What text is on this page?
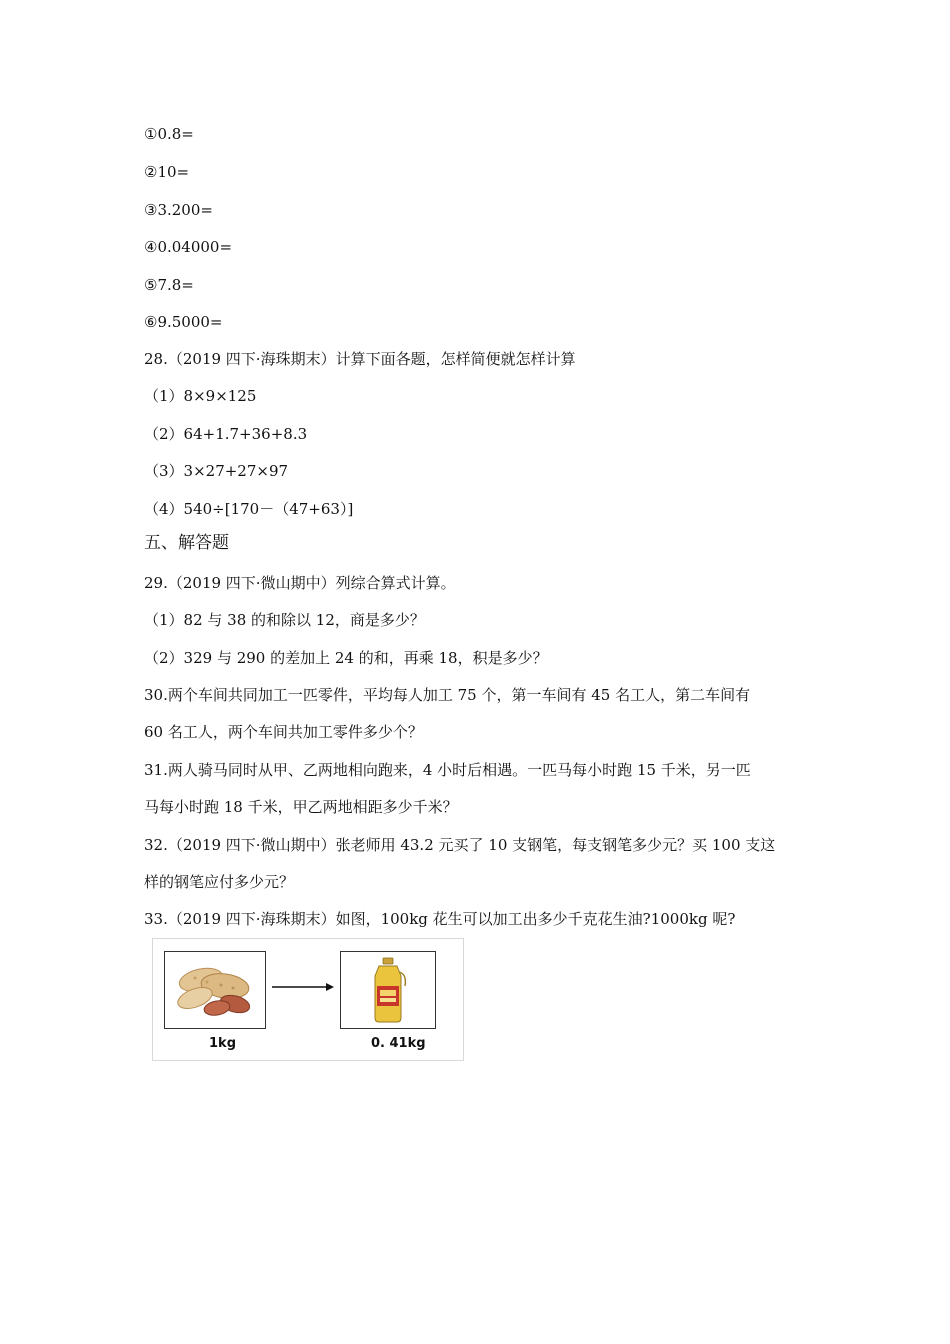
①0.8=
②10=
③3.200=
④0.04000=
⑤7.8=
⑥9.5000=
28.（2019 四下·海珠期末）计算下面各题，怎样简便就怎样计算
（1）8×9×125
（2）64+1.7+36+8.3
（3）3×27+27×97
（4）540÷[170－（47+63）]
五、解答题
29.（2019 四下·微山期中）列综合算式计算。
（1）82 与 38 的和除以 12，商是多少？
（2）329 与 290 的差加上 24 的和，再乘 18，积是多少？
30.两个车间共同加工一匹零件，平均每人加工 75 个，第一车间有 45 名工人，第二车间有
60 名工人，两个车间共加工零件多少个？
31.两人骑马同时从甲、乙两地相向跑来，4 小时后相遇。一匹马每小时跑 15 千米，另一匹
马每小时跑 18 千米，甲乙两地相距多少千米？
32.（2019 四下·微山期中）张老师用 43.2 元买了 10 支钢笔，每支钢笔多少元？买 100 支这
样的钢笔应付多少元？
33.（2019 四下·海珠期末）如图，100kg 花生可以加工出多少千克花生油?1000kg 呢?
1kg	0. 41kg
